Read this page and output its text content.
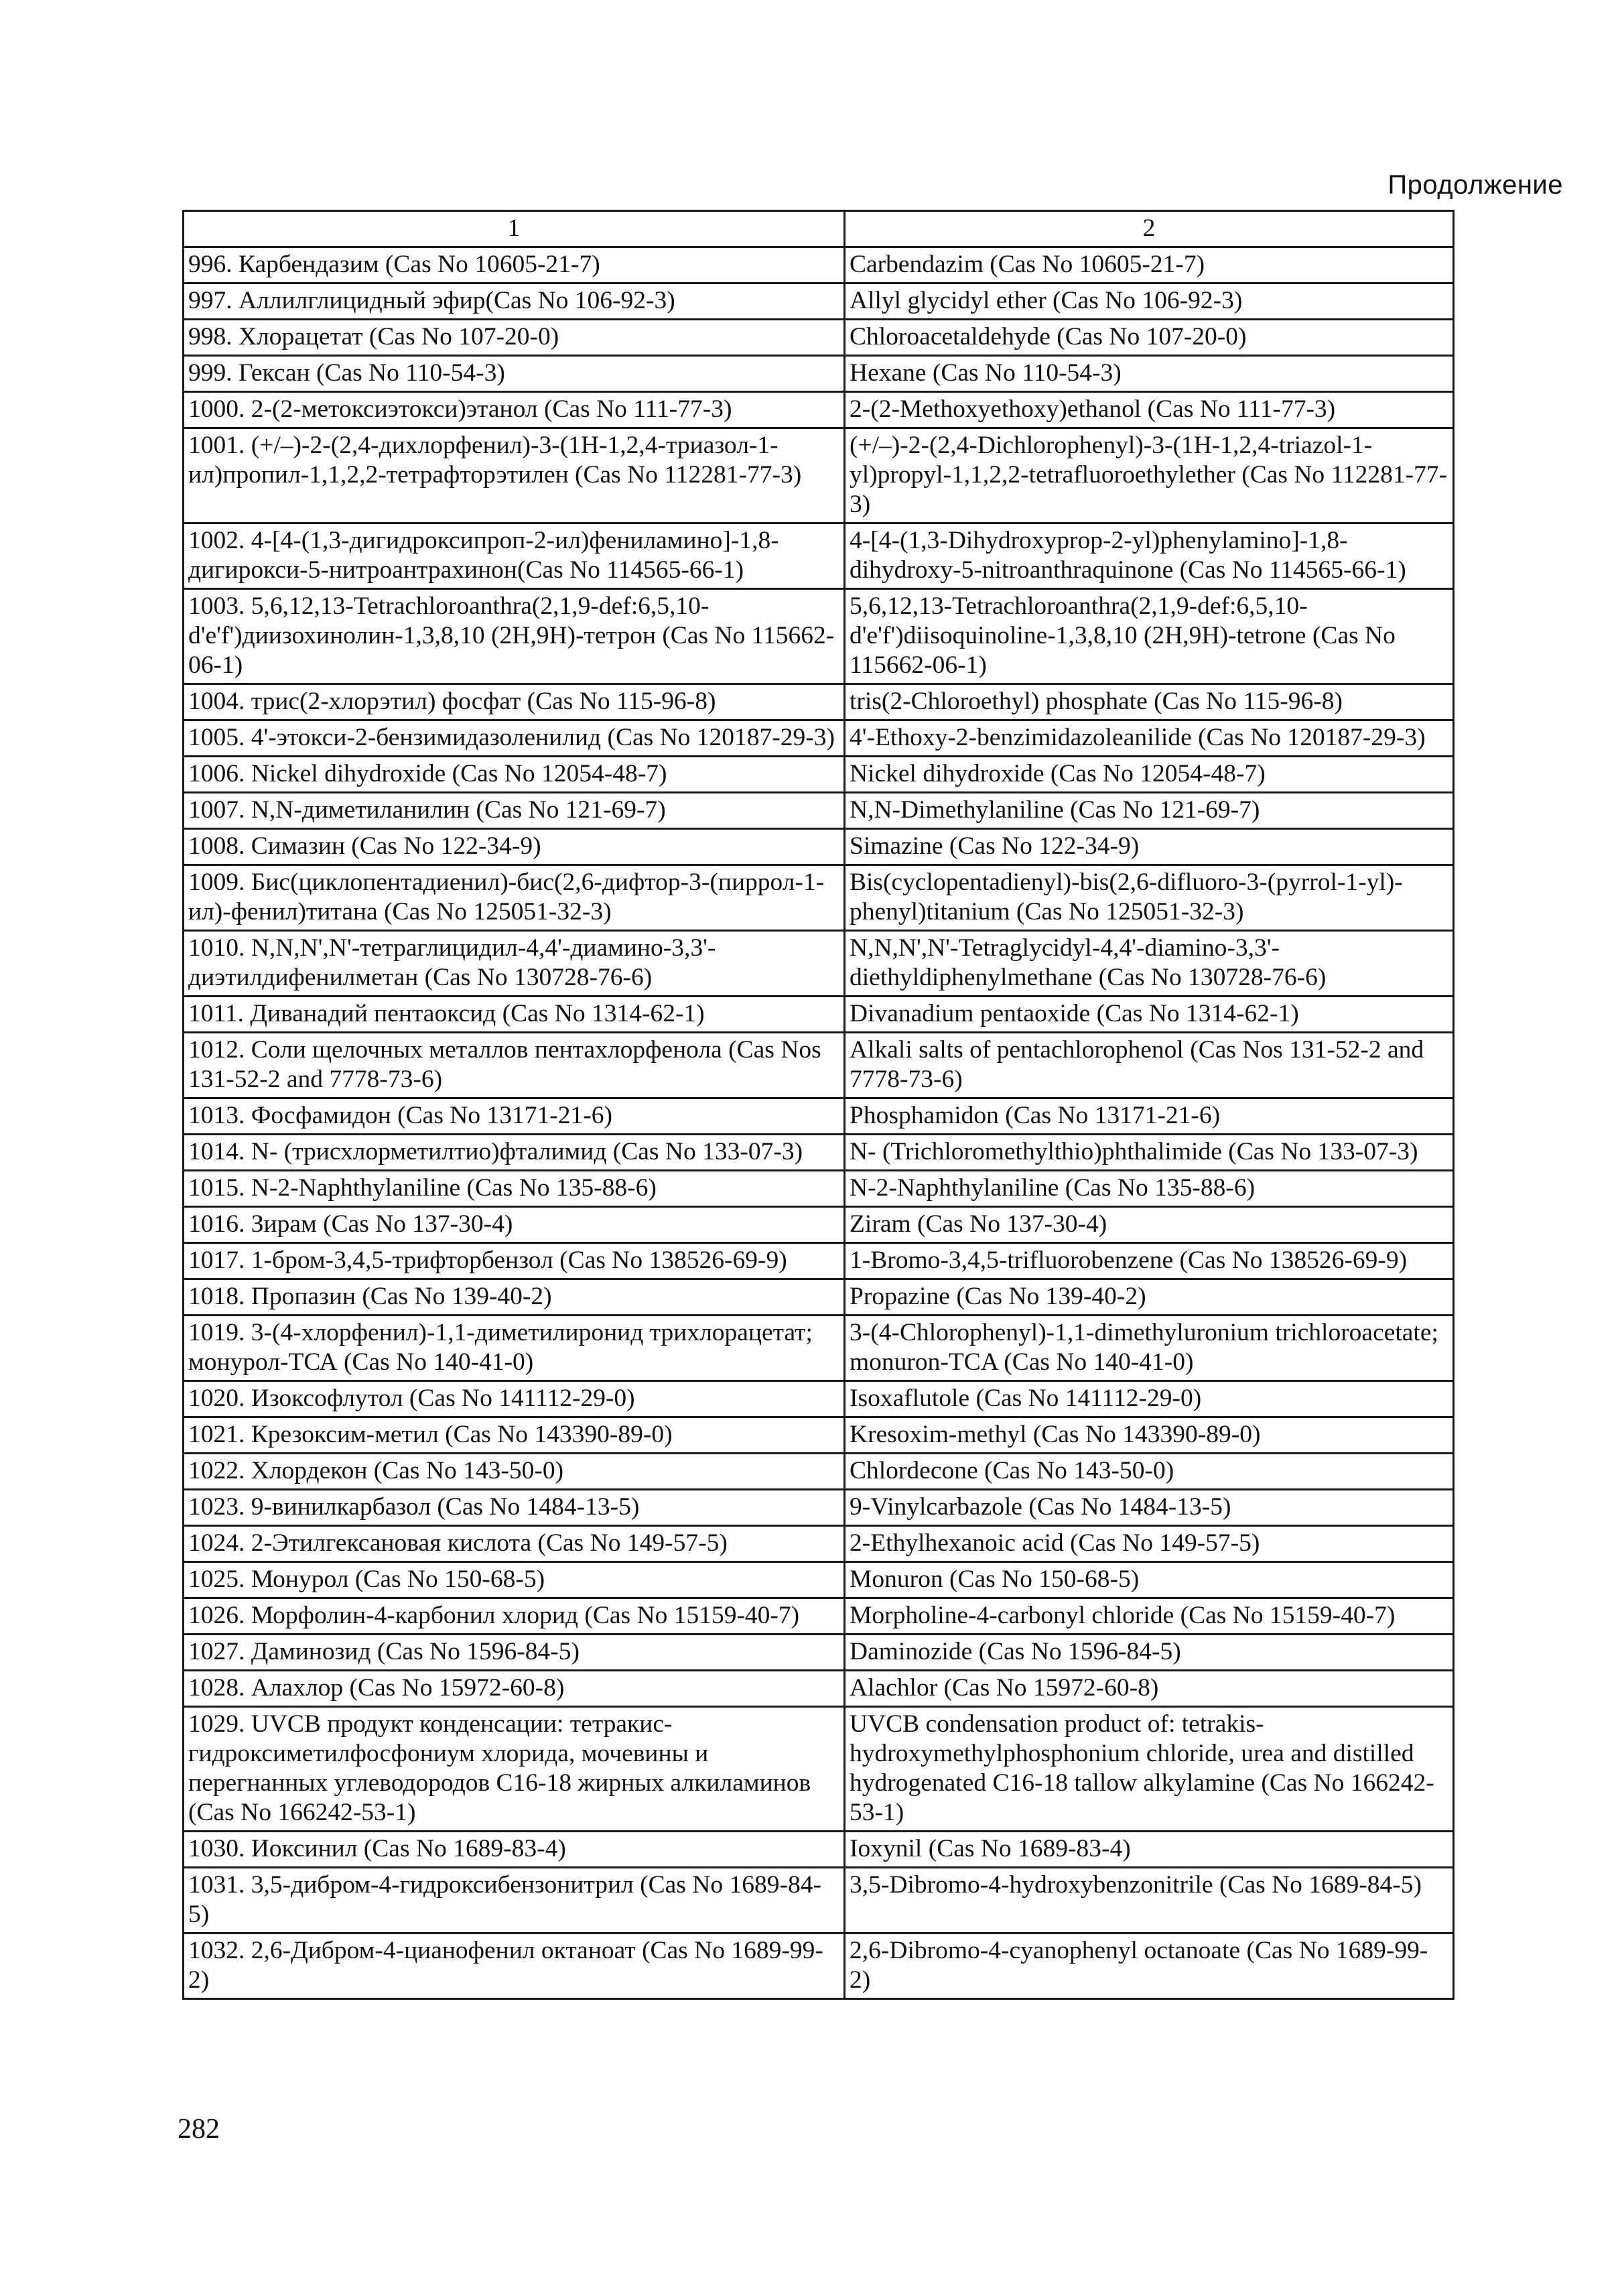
Продолжение
1	2
996. Карбендазим (Cas No 10605-21-7)	Carbendazim (Cas No 10605-21-7)
997. Аллилглицидный эфир(Cas No 106-92-3)	Allyl glycidyl ether (Cas No 106-92-3)
998. Хлорацетат (Cas No 107-20-0)	Chloroacetaldehyde (Cas No 107-20-0)
999. Гексан (Cas No 110-54-3)	Hexane (Cas No 110-54-3)
1000. 2-(2-метоксиэтокси)этанол (Cas No 111-77-3)	2-(2-Methoxyethoxy)ethanol (Cas No 111-77-3)
1001. (+/–)-2-(2,4-дихлорфенил)-3-(1H-1,2,4-триазол-1-ил)пропил-1,1,2,2-тетрафторэтилен (Cas No 112281-77-3)	(+/–)-2-(2,4-Dichlorophenyl)-3-(1H-1,2,4-triazol-1-yl)propyl-1,1,2,2-tetrafluoroethylether (Cas No 112281-77-3)
1002. 4-[4-(1,3-дигидроксипроп-2-ил)фениламино]-1,8-дигирокси-5-нитроантрахинон(Cas No 114565-66-1)	4-[4-(1,3-Dihydroxyprop-2-yl)phenylamino]-1,8-dihydroxy-5-nitroanthraquinone (Cas No 114565-66-1)
1003. 5,6,12,13-Tetrachloroanthra(2,1,9-def:6,5,10-d'e'f')диизохинолин-1,3,8,10 (2H,9H)-тетрон (Cas No 115662-06-1)	5,6,12,13-Tetrachloroanthra(2,1,9-def:6,5,10-d'e'f')diisoquinoline-1,3,8,10 (2H,9H)-tetrone (Cas No 115662-06-1)
1004. трис(2-хлорэтил) фосфат (Cas No 115-96-8)	tris(2-Chloroethyl) phosphate (Cas No 115-96-8)
1005. 4'-этокси-2-бензимидазоленилид (Cas No 120187-29-3)	4'-Ethoxy-2-benzimidazoleanilide (Cas No 120187-29-3)
1006. Nickel dihydroxide (Cas No 12054-48-7)	Nickel dihydroxide (Cas No 12054-48-7)
1007. N,N-диметиланилин (Cas No 121-69-7)	N,N-Dimethylaniline (Cas No 121-69-7)
1008. Симазин (Cas No 122-34-9)	Simazine (Cas No 122-34-9)
1009. Бис(циклопентадиенил)-бис(2,6-дифтор-3-(пиррол-1-ил)-фенил)титана (Cas No 125051-32-3)	Bis(cyclopentadienyl)-bis(2,6-difluoro-3-(pyrrol-1-yl)-phenyl)titanium (Cas No 125051-32-3)
1010. N,N,N',N'-тетраглицидил-4,4'-диамино-3,3'-диэтилдифенилметан (Cas No 130728-76-6)	N,N,N',N'-Tetraglycidyl-4,4'-diamino-3,3'-diethyldiphenylmethane (Cas No 130728-76-6)
1011. Диванадий пентаоксид (Cas No 1314-62-1)	Divanadium pentaoxide (Cas No 1314-62-1)
1012. Соли щелочных металлов пентахлорфенола (Cas Nos 131-52-2 and 7778-73-6)	Alkali salts of pentachlorophenol (Cas Nos 131-52-2 and 7778-73-6)
1013. Фосфамидон (Cas No 13171-21-6)	Phosphamidon (Cas No 13171-21-6)
1014. N- (трисхлорметилтио)фталимид (Cas No 133-07-3)	N- (Trichloromethylthio)phthalimide (Cas No 133-07-3)
1015. N-2-Naphthylaniline (Cas No 135-88-6)	N-2-Naphthylaniline (Cas No 135-88-6)
1016. Зирам (Cas No 137-30-4)	Ziram (Cas No 137-30-4)
1017. 1-бром-3,4,5-трифторбензол (Cas No 138526-69-9)	1-Bromo-3,4,5-trifluorobenzene (Cas No 138526-69-9)
1018. Пропазин (Cas No 139-40-2)	Propazine (Cas No 139-40-2)
1019. 3-(4-хлорфенил)-1,1-диметилиронид трихлорацетат; монурол-ТСА (Cas No 140-41-0)	3-(4-Chlorophenyl)-1,1-dimethyluronium trichloroacetate; monuron-TCA (Cas No 140-41-0)
1020. Изоксофлутол (Cas No 141112-29-0)	Isoxaflutole (Cas No 141112-29-0)
1021. Крезоксим-метил (Cas No 143390-89-0)	Kresoxim-methyl (Cas No 143390-89-0)
1022. Хлордекон (Cas No 143-50-0)	Chlordecone (Cas No 143-50-0)
1023. 9-винилкарбазол (Cas No 1484-13-5)	9-Vinylcarbazole (Cas No 1484-13-5)
1024. 2-Этилгексановая кислота (Cas No 149-57-5)	2-Ethylhexanoic acid (Cas No 149-57-5)
1025. Монурол (Cas No 150-68-5)	Monuron (Cas No 150-68-5)
1026. Морфолин-4-карбонил хлорид (Cas No 15159-40-7)	Morpholine-4-carbonyl chloride (Cas No 15159-40-7)
1027. Даминозид (Cas No 1596-84-5)	Daminozide (Cas No 1596-84-5)
1028. Алахлор (Cas No 15972-60-8)	Alachlor (Cas No 15972-60-8)
1029. UVCB продукт конденсации: тетракис-гидроксиметилфосфониум хлорида, мочевины и перегнанных углеводородов C16-18 жирных алкиламинов (Cas No 166242-53-1)	UVCB condensation product of: tetrakis-hydroxymethylphosphonium chloride, urea and distilled hydrogenated C16-18 tallow alkylamine (Cas No 166242-53-1)
1030. Иоксинил (Cas No 1689-83-4)	Ioxynil (Cas No 1689-83-4)
1031. 3,5-дибром-4-гидроксибензонитрил (Cas No 1689-84-5)	3,5-Dibromo-4-hydroxybenzonitrile (Cas No 1689-84-5)
1032. 2,6-Дибром-4-цианофенил октаноат (Cas No 1689-99-2)	2,6-Dibromo-4-cyanophenyl octanoate (Cas No 1689-99-2)
282
